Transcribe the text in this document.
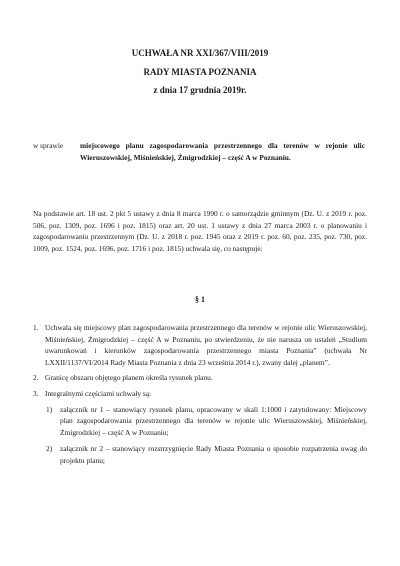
UCHWAŁA NR XXI/367/VIII/2019
RADY MIASTA POZNANIA
z dnia 17 grudnia 2019r.
w sprawie miejscowego planu zagospodarowania przestrzennego dla terenów w rejonie ulic Wieruszowskiej, Miśnieńskiej, Żmigrodzkiej – część A w Poznaniu.
Na podstawie art. 18 ust. 2 pkt 5 ustawy z dnia 8 marca 1990 r. o samorządzie gminnym (Dz. U. z 2019 r. poz. 506, poz. 1309, poz. 1696 i poz. 1815) oraz art. 20 ust. 1 ustawy z dnia 27 marca 2003 r. o planowaniu i zagospodarowaniu przestrzennym (Dz. U. z 2018 r. poz. 1945 oraz z 2019 r. poz. 60, poz. 235, poz. 730, poz. 1009, poz. 1524, poz. 1696, poz. 1716 i poz. 1815) uchwala się, co następuje:
§ 1
1. Uchwala się miejscowy plan zagospodarowania przestrzennego dla terenów w rejonie ulic Wieruszowskiej, Miśnieńskiej, Żmigrodzkiej – część A w Poznaniu, po stwierdzeniu, że nie narusza on ustaleń „Studium uwarunkowań i kierunków zagospodarowania przestrzennego miasta Poznania” (uchwała Nr LXXII/1137/VI/2014 Rady Miasta Poznania z dnia 23 września 2014 r.), zwany dalej „planem”.
2. Granicę obszaru objętego planem określa rysunek planu.
3. Integralnymi częściami uchwały są:
1) załącznik nr 1 – stanowiący rysunek planu, opracowany w skali 1:1000 i zatytułowany: Miejscowy plan zagospodarowania przestrzennego dla terenów w rejonie ulic Wieruszowskiej, Miśnieńskiej, Żmigrodzkiej – część A w Poznaniu;
2) załącznik nr 2 – stanowiący rozstrzygnięcie Rady Miasta Poznania o sposobie rozpatrzenia uwag do projektu planu;
